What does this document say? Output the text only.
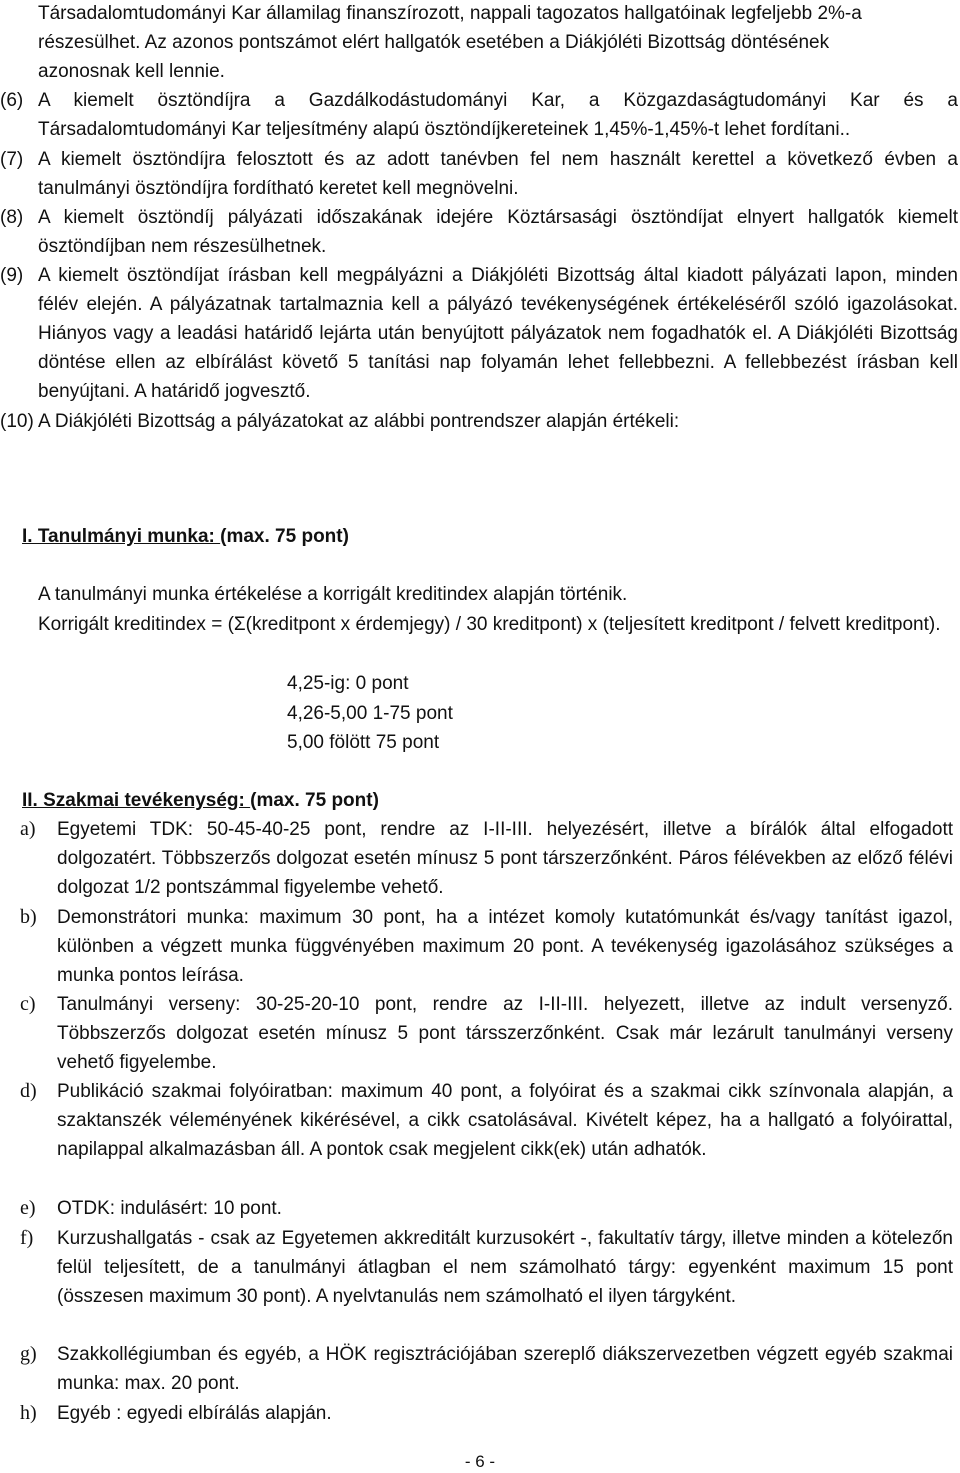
Társadalomtudományi Kar államilag finanszírozott, nappali tagozatos hallgatóinak legfeljebb 2%-a
részesülhet. Az azonos pontszámot elért hallgatók esetében a Diákjóléti Bizottság döntésének
azonosnak kell lennie.
(6) A kiemelt ösztöndíjra a Gazdálkodástudományi Kar, a Közgazdaságtudományi Kar és a Társadalomtudományi Kar teljesítmény alapú ösztöndíjkereteinek 1,45%-1,45%-t lehet fordítani..
(7) A kiemelt ösztöndíjra felosztott és az adott tanévben fel nem használt kerettel a következő évben a tanulmányi ösztöndíjra fordítható keretet kell megnövelni.
(8) A kiemelt ösztöndíj pályázati időszakának idejére Köztársasági ösztöndíjat elnyert hallgatók kiemelt ösztöndíjban nem részesülhetnek.
(9) A kiemelt ösztöndíjat írásban kell megpályázni a Diákjóléti Bizottság által kiadott pályázati lapon, minden félév elején. A pályázatnak tartalmaznia kell a pályázó tevékenységének értékeléséről szóló igazolásokat. Hiányos vagy a leadási határidő lejárta után benyújtott pályázatok nem fogadhatók el. A Diákjóléti Bizottság döntése ellen az elbírálást követő 5 tanítási nap folyamán lehet fellebbezni. A fellebbezést írásban kell benyújtani. A határidő jogvesztő.
(10) A Diákjóléti Bizottság a pályázatokat az alábbi pontrendszer alapján értékeli:
I. Tanulmányi munka: (max. 75 pont)
A tanulmányi munka értékelése a korrigált kreditindex alapján történik.
Korrigált kreditindex = (Σ(kreditpont x érdemjegy) / 30 kreditpont) x (teljesített kreditpont / felvett kreditpont).
4,25-ig: 0 pont
4,26-5,00 1-75 pont
5,00 fölött 75 pont
II. Szakmai tevékenység: (max. 75 pont)
a)	Egyetemi TDK: 50-45-40-25 pont, rendre az I-II-III. helyezésért, illetve a bírálók által elfogadott dolgozatért. Többszerzős dolgozat esetén mínusz 5 pont társzerzőnként. Páros félévekben az előző félévi dolgozat 1/2 pontszámmal figyelembe vehető.
b)	Demonstrátori munka: maximum 30 pont, ha a intézet komoly kutatómunkát és/vagy tanítást igazol, különben a végzett munka függvényében maximum 20 pont. A tevékenység igazolásához szükséges a munka pontos leírása.
c)	Tanulmányi verseny: 30-25-20-10 pont, rendre az I-II-III. helyezett, illetve az indult versenyző. Többszerzős dolgozat esetén mínusz 5 pont társszerzőnként. Csak már lezárult tanulmányi verseny vehető figyelembe.
d)	Publikáció szakmai folyóiratban: maximum 40 pont, a folyóirat és a szakmai cikk színvonala alapján, a szaktanszék véleményének kikérésével, a cikk csatolásával. Kivételt képez, ha a hallgató a folyóirattal, napilappal alkalmazásban áll. A pontok csak megjelent cikk(ek) után adhatók.
e)	OTDK: indulásért: 10 pont.
f)	Kurzushallgatás - csak az Egyetemen akkreditált kurzusokért -, fakultatív tárgy, illetve minden a kötelezőn felül teljesített, de a tanulmányi átlagban el nem számolható tárgy: egyenként maximum 15 pont (összesen maximum 30 pont). A nyelvtanulás nem számolható el ilyen tárgyként.
g)	Szakkollégiumban és egyéb, a HÖK regisztrációjában szereplő diákszervezetben végzett egyéb szakmai munka: max. 20 pont.
h)	Egyéb : egyedi elbírálás alapján.
- 6 -
